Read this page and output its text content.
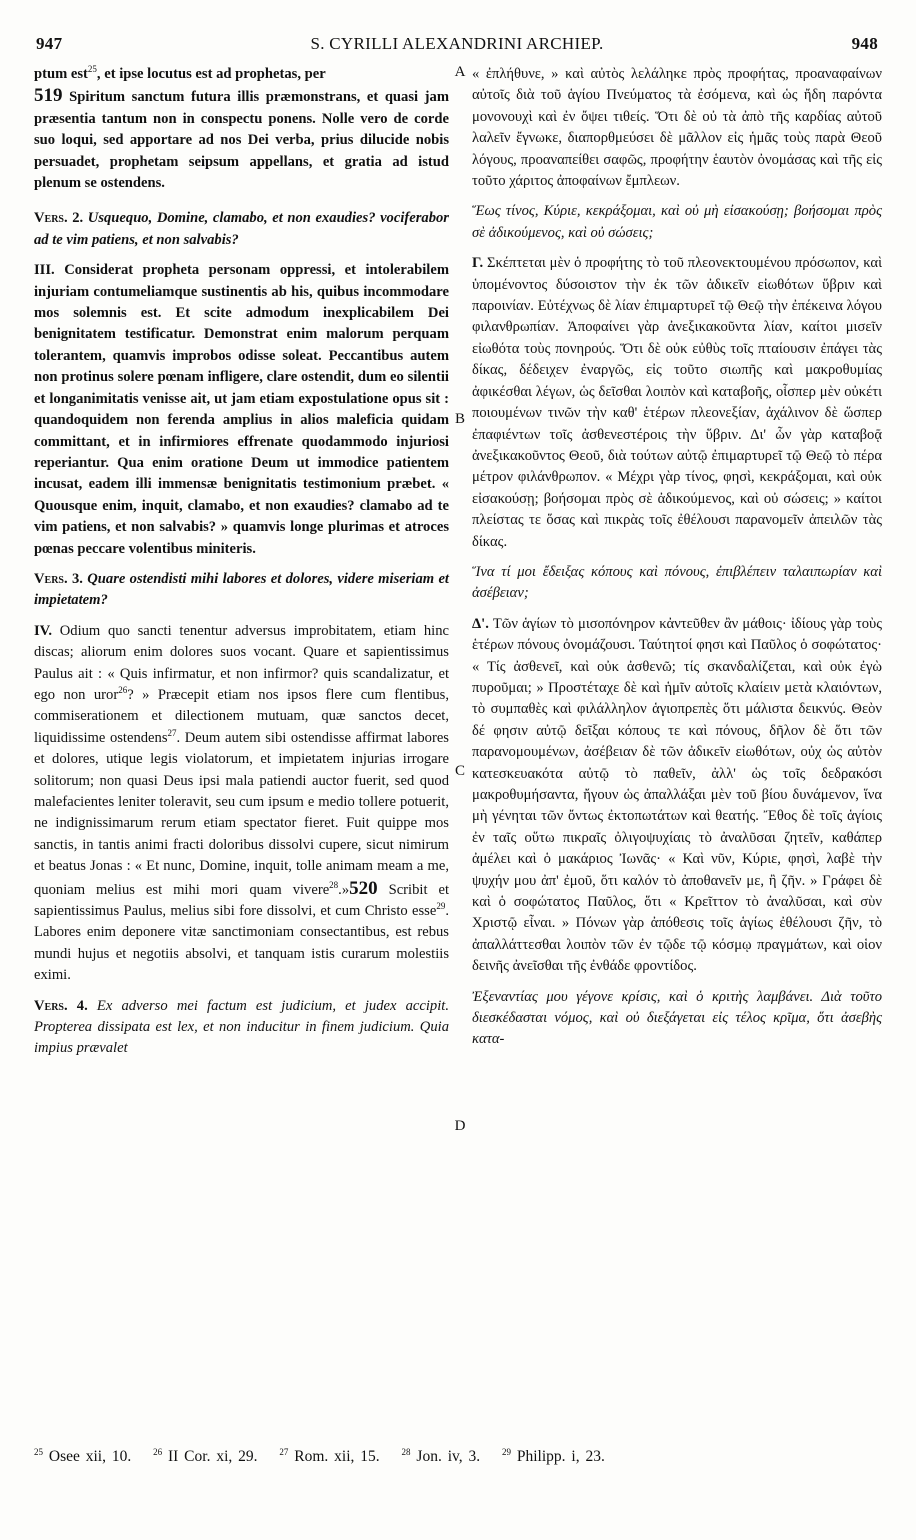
947	S. CYRILLI ALEXANDRINI ARCHIEP.	948
A
B
C
D

ptum est$^{25}$, et ipse locutus est ad prophetas, per
519 Spiritum sanctum futura illis præmonstrans, et quasi jam præsentia tantum non in conspectu ponens. Nolle vero de corde suo loqui, sed apportare ad nos Dei verba, prius dilucide nobis persuadet, prophetam seipsum appellans, et gratia ad istud plenum se ostendens.

Vers. 2. Usquequo, Domine, clamabo, et non exaudies? vociferabor ad te vim patiens, et non salvabis?

III. Considerat propheta personam oppressi, et intolerabilem injuriam contumeliamque sustinentis ab his, quibus incommodare mos solemnis est. Et scite admodum inexplicabilem Dei benignitatem testificatur. Demonstrat enim malorum perquam tolerantem, quamvis improbos odisse soleat. Peccantibus autem non protinus solere pœnam infligere, clare ostendit, dum eo silentii et longanimitatis venisse ait, ut jam etiam expostulatione opus sit : quandoquidem non ferenda amplius in alios maleficia quidam committant, et in infirmiores effrenate quodammodo injuriosi reperiantur. Qua enim oratione Deum ut immodice patientem incusat, eadem illi immensæ benignitatis testimonium præbet. « Quousque enim, inquit, clamabo, et non exaudies? clamabo ad te vim patiens, et non salvabis? » quamvis longe plurimas et atroces pœnas peccare volentibus miniteris.

Vers. 3. Quare ostendisti mihi labores et dolores, videre miseriam et impietatem?

IV. Odium quo sancti tenentur adversus improbitatem, etiam hinc discas; aliorum enim dolores suos vocant. Quare et sapientissimus Paulus ait : « Quis infirmatur, et non infirmor? quis scandalizatur, et ego non uror$^{26}$? » Præcepit etiam nos ipsos flere cum flentibus, commiserationem et dilectionem mutuam, quæ sanctos decet, liquidissime ostendens$^{27}$. Deum autem sibi ostendisse affirmat labores et dolores, utique legis violatorum, et impietatem injurias irrogare solitorum; non quasi Deus ipsi mala patiendi auctor fuerit, sed quod malefacientes leniter toleravit, seu cum ipsum e medio tollere potuerit, ne indignissimarum rerum etiam spectator fieret. Fuit quippe mos sanctis, in tantis animi fracti doloribus dissolvi cupere, sicut nimirum et beatus Jonas : « Et nunc, Domine, inquit, tolle animam meam a me, quoniam melius est mihi mori quam vivere$^{28}$.»520 Scribit et sapientissimus Paulus, melius sibi fore dissolvi, et cum Christo esse$^{29}$. Labores enim deponere vitæ sanctimoniam consectantibus, est rebus mundi hujus et negotiis absolvi, et tanquam istis curarum molestiis eximi.

Vers. 4. Ex adverso mei factum est judicium, et judex accipit. Propterea dissipata est lex, et non inducitur in finem judicium. Quia impius prævalet

« ἐπλήθυνε, » καὶ αὐτὸς λελάληκε πρὸς προφήτας, προαναφαίνων αὐτοῖς διὰ τοῦ ἁγίου Πνεύματος τὰ ἐσόμενα, καὶ ὡς ἤδη παρόντα μονονουχὶ καὶ ἐν ὄψει τιθείς. Ὅτι δὲ οὐ τὰ ἀπὸ τῆς καρδίας αὐτοῦ λαλεῖν ἔγνωκε, διαπορθμεύσει δὲ μᾶλλον εἰς ἡμᾶς τοὺς παρὰ Θεοῦ λόγους, προαναπείθει σαφῶς, προφήτην ἑαυτὸν ὀνομάσας καὶ τῆς εἰς τοῦτο χάριτος ἀποφαίνων ἔμπλεων.

Ἕως τίνος, Κύριε, κεκράξομαι, καὶ οὐ μὴ εἰσακούσῃ; βοήσομαι πρὸς σὲ ἀδικούμενος, καὶ οὐ σώσεις;

Γ. Σκέπτεται μὲν ὁ προφήτης τὸ τοῦ πλεονεκτουμένου πρόσωπον, καὶ ὑπομένοντος δύσοιστον τὴν ἐκ τῶν ἀδικεῖν εἰωθότων ὕβριν καὶ παροινίαν. Εὐτέχνως δὲ λίαν ἐπιμαρτυρεῖ τῷ Θεῷ τὴν ἐπέκεινα λόγου φιλανθρωπίαν. Ἀποφαίνει γὰρ ἀνεξικακοῦντα λίαν, καίτοι μισεῖν εἰωθότα τοὺς πονηρούς. Ὅτι δὲ οὐκ εὐθὺς τοῖς πταίουσιν ἐπάγει τὰς δίκας, δέδειχεν ἐναργῶς, εἰς τοῦτο σιωπῆς καὶ μακροθυμίας ἀφικέσθαι λέγων, ὡς δεῖσθαι λοιπὸν καὶ καταβοῆς, οἷσπερ μὲν οὐκέτι ποιουμένων τινῶν τὴν καθ' ἑτέρων πλεονεξίαν, ἀχάλινον δὲ ὥσπερ ἐπαφιέντων τοῖς ἀσθενεστέροις τὴν ὕβριν. Δι' ὧν γὰρ καταβοᾷ ἀνεξικακοῦντος Θεοῦ, διὰ τούτων αὐτῷ ἐπιμαρτυρεῖ τῷ Θεῷ τὸ πέρα μέτρον φιλάνθρωπον. « Μέχρι γὰρ τίνος, φησὶ, κεκράξομαι, καὶ οὐκ εἰσακούσῃ; βοήσομαι πρὸς σὲ ἀδικούμενος, καὶ οὐ σώσεις; » καίτοι πλείστας τε ὅσας καὶ πικρὰς τοῖς ἐθέλουσι παρανομεῖν ἀπειλῶν τὰς δίκας.

Ἵνα τί μοι ἔδειξας κόπους καὶ πόνους, ἐπιβλέπειν ταλαιπωρίαν καὶ ἀσέβειαν;

Δ'. Τῶν ἁγίων τὸ μισοπόνηρον κἀντεῦθεν ἂν μάθοις· ἰδίους γὰρ τοὺς ἑτέρων πόνους ὀνομάζουσι. Ταύτητοί φησι καὶ Παῦλος ὁ σοφώτατος· « Τίς ἀσθενεῖ, καὶ οὐκ ἀσθενῶ; τίς σκανδαλίζεται, καὶ οὐκ ἐγὼ πυροῦμαι; » Προστέταχε δὲ καὶ ἡμῖν αὐτοῖς κλαίειν μετὰ κλαιόντων, τὸ συμπαθὲς καὶ φιλάλληλον ἁγιοπρεπὲς ὅτι μάλιστα δεικνύς. Θεὸν δέ φησιν αὐτῷ δεῖξαι κόπους τε καὶ πόνους, δῆλον δὲ ὅτι τῶν παρανομουμένων, ἀσέβειαν δὲ τῶν ἀδικεῖν εἰωθότων, οὐχ ὡς αὐτὸν κατεσκευακότα αὐτῷ τὸ παθεῖν, ἀλλ' ὡς τοῖς δεδρακόσι μακροθυμήσαντα, ἤγουν ὡς ἀπαλλάξαι μὲν τοῦ βίου δυνάμενον, ἵνα μὴ γένηται τῶν ὄντως ἐκτοπωτάτων καὶ θεατής. Ἔθος δὲ τοῖς ἁγίοις ἐν ταῖς οὕτω πικραῖς ὀλιγοψυχίαις τὸ ἀναλῦσαι ζητεῖν, καθάπερ ἀμέλει καὶ ὁ μακάριος Ἰωνᾶς· « Καὶ νῦν, Κύριε, φησὶ, λαβὲ τὴν ψυχήν μου ἀπ' ἐμοῦ, ὅτι καλόν τὸ ἀποθανεῖν με, ἢ ζῆν. » Γράφει δὲ καὶ ὁ σοφώτατος Παῦλος, ὅτι « Κρεῖττον τὸ ἀναλῦσαι, καὶ σὺν Χριστῷ εἶναι. » Πόνων γὰρ ἀπόθεσις τοῖς ἁγίως ἐθέλουσι ζῆν, τὸ ἀπαλλάττεσθαι λοιπὸν τῶν ἐν τῷδε τῷ κόσμῳ πραγμάτων, καὶ οἱον δεινῆς ἀνεῖσθαι τῆς ἐνθάδε φροντίδος.

Ἐξεναντίας μου γέγονε κρίσις, καὶ ὁ κριτὴς λαμβάνει. Διὰ τοῦτο διεσκέδασται νόμος, καὶ οὐ διεξάγεται εἰς τέλος κρῖμα, ὅτι ἀσεβὴς κατα-

$^{25}$ Osee xii, 10. $^{26}$ II Cor. xi, 29. $^{27}$ Rom. xii, 15. $^{28}$ Jon. iv, 3. $^{29}$ Philipp. i, 23.
